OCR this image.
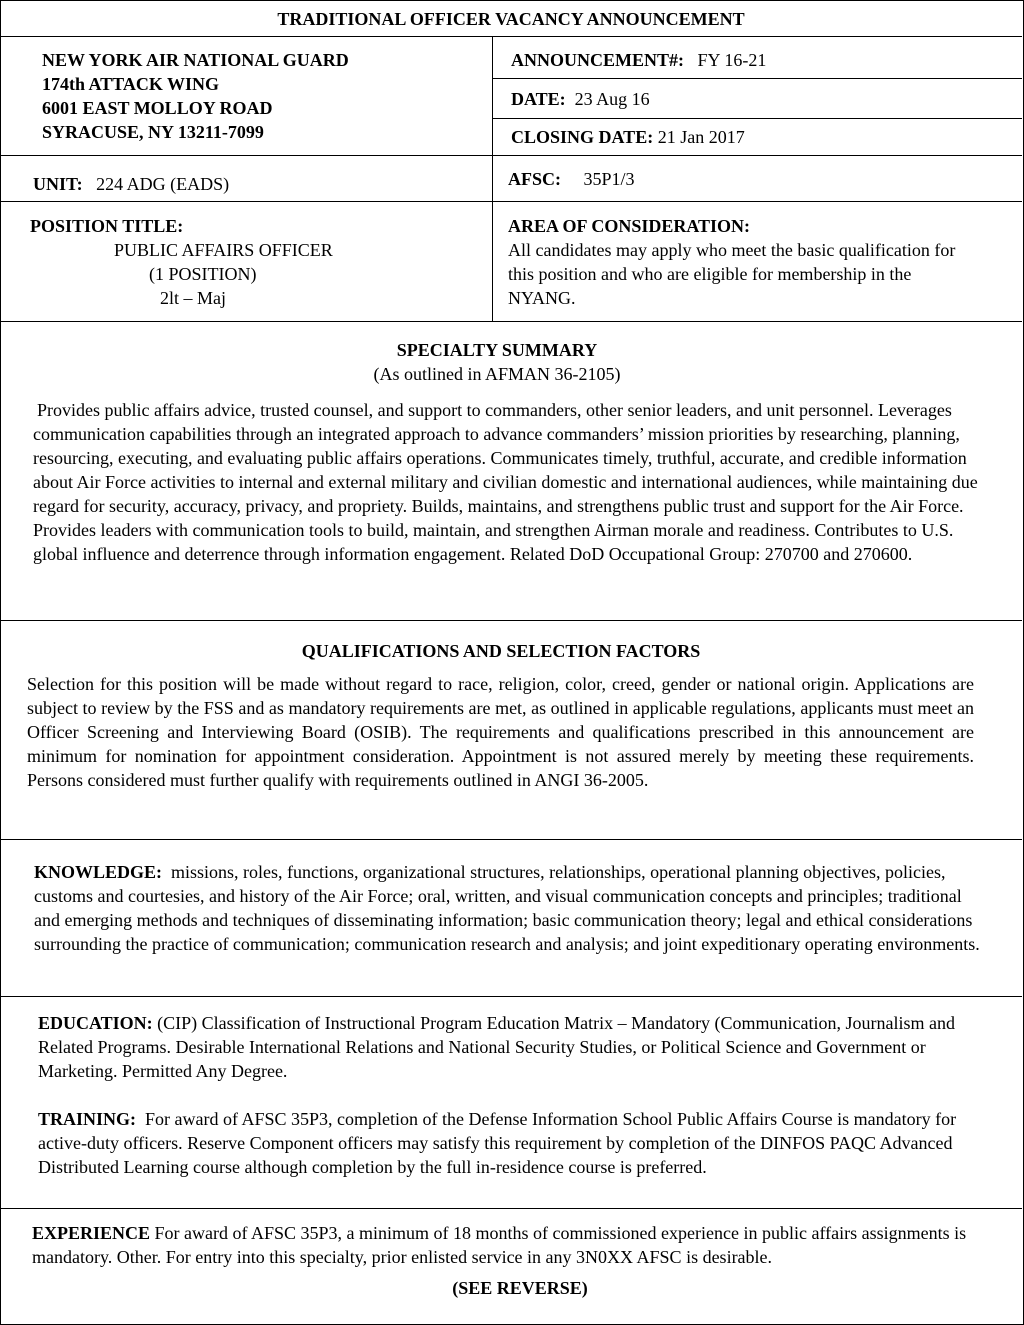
TRADITIONAL OFFICER VACANCY ANNOUNCEMENT
NEW YORK AIR NATIONAL GUARD
174th ATTACK WING
6001 EAST MOLLOY ROAD
SYRACUSE, NY 13211-7099
ANNOUNCEMENT#: FY 16-21
DATE: 23 Aug 16
CLOSING DATE: 21 Jan 2017
UNIT: 224 ADG (EADS)	AFSC: 35P1/3
POSITION TITLE:
PUBLIC AFFAIRS OFFICER
(1 POSITION)
2lt – Maj
AREA OF CONSIDERATION:
All candidates may apply who meet the basic qualification for this position and who are eligible for membership in the NYANG.
SPECIALTY SUMMARY
(As outlined in AFMAN 36-2105)
Provides public affairs advice, trusted counsel, and support to commanders, other senior leaders, and unit personnel. Leverages communication capabilities through an integrated approach to advance commanders’ mission priorities by researching, planning, resourcing, executing, and evaluating public affairs operations. Communicates timely, truthful, accurate, and credible information about Air Force activities to internal and external military and civilian domestic and international audiences, while maintaining due regard for security, accuracy, privacy, and propriety. Builds, maintains, and strengthens public trust and support for the Air Force. Provides leaders with communication tools to build, maintain, and strengthen Airman morale and readiness. Contributes to U.S. global influence and deterrence through information engagement. Related DoD Occupational Group: 270700 and 270600.
QUALIFICATIONS AND SELECTION FACTORS
Selection for this position will be made without regard to race, religion, color, creed, gender or national origin. Applications are subject to review by the FSS and as mandatory requirements are met, as outlined in applicable regulations, applicants must meet an Officer Screening and Interviewing Board (OSIB). The requirements and qualifications prescribed in this announcement are minimum for nomination for appointment consideration. Appointment is not assured merely by meeting these requirements. Persons considered must further qualify with requirements outlined in ANGI 36-2005.
KNOWLEDGE: missions, roles, functions, organizational structures, relationships, operational planning objectives, policies, customs and courtesies, and history of the Air Force; oral, written, and visual communication concepts and principles; traditional and emerging methods and techniques of disseminating information; basic communication theory; legal and ethical considerations surrounding the practice of communication; communication research and analysis; and joint expeditionary operating environments.
EDUCATION: (CIP) Classification of Instructional Program Education Matrix – Mandatory (Communication, Journalism and Related Programs. Desirable International Relations and National Security Studies, or Political Science and Government or Marketing. Permitted Any Degree.
TRAINING: For award of AFSC 35P3, completion of the Defense Information School Public Affairs Course is mandatory for active-duty officers. Reserve Component officers may satisfy this requirement by completion of the DINFOS PAQC Advanced Distributed Learning course although completion by the full in-residence course is preferred.
EXPERIENCE For award of AFSC 35P3, a minimum of 18 months of commissioned experience in public affairs assignments is mandatory. Other. For entry into this specialty, prior enlisted service in any 3N0XX AFSC is desirable.
(SEE REVERSE)
